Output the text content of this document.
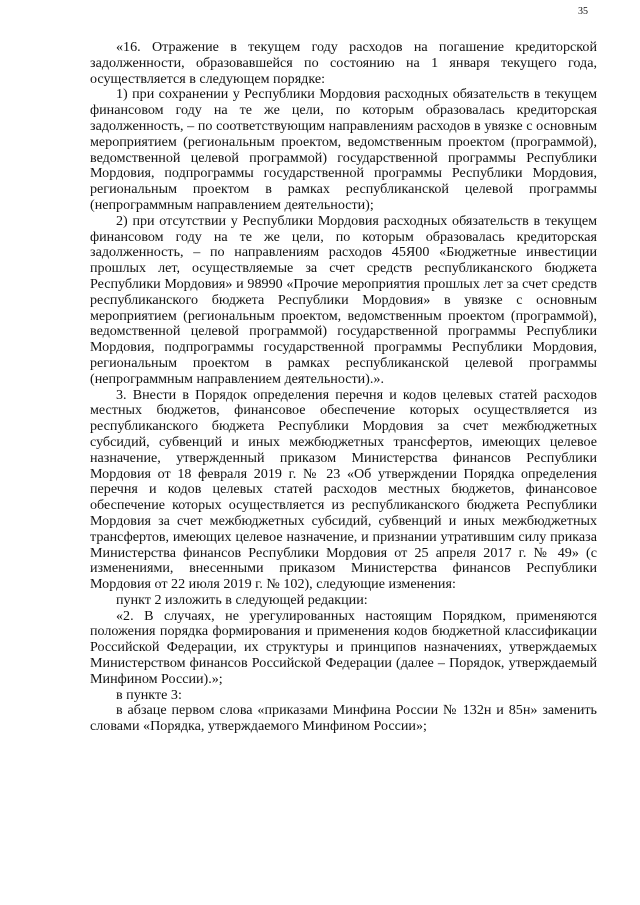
35

«16. Отражение в текущем году расходов на погашение кредиторской задолженности, образовавшейся по состоянию на 1 января текущего года, осуществляется в следующем порядке:

1) при сохранении у Республики Мордовия расходных обязательств в текущем финансовом году на те же цели, по которым образовалась кредиторская задолженность, – по соответствующим направлениям расходов в увязке с основным мероприятием (региональным проектом, ведомственным проектом (программой), ведомственной целевой программой) государственной программы Республики Мордовия, подпрограммы государственной программы Республики Мордовия, региональным проектом в рамках республиканской целевой программы (непрограммным направлением деятельности);

2) при отсутствии у Республики Мордовия расходных обязательств в текущем финансовом году на те же цели, по которым образовалась кредиторская задолженность, – по направлениям расходов 45Я00 «Бюджетные инвестиции прошлых лет, осуществляемые за счет средств республиканского бюджета Республики Мордовия» и 98990 «Прочие мероприятия прошлых лет за счет средств республиканского бюджета Республики Мордовия» в увязке с основным мероприятием (региональным проектом, ведомственным проектом (программой), ведомственной целевой программой) государственной программы Республики Мордовия, подпрограммы государственной программы Республики Мордовия, региональным проектом в рамках республиканской целевой программы (непрограммным направлением деятельности).».

3. Внести в Порядок определения перечня и кодов целевых статей расходов местных бюджетов, финансовое обеспечение которых осуществляется из республиканского бюджета Республики Мордовия за счет межбюджетных субсидий, субвенций и иных межбюджетных трансфертов, имеющих целевое назначение, утвержденный приказом Министерства финансов Республики Мордовия от 18 февраля 2019 г. № 23 «Об утверждении Порядка определения перечня и кодов целевых статей расходов местных бюджетов, финансовое обеспечение которых осуществляется из республиканского бюджета Республики Мордовия за счет межбюджетных субсидий, субвенций и иных межбюджетных трансфертов, имеющих целевое назначение, и признании утратившим силу приказа Министерства финансов Республики Мордовия от 25 апреля 2017 г. № 49» (с изменениями, внесенными приказом Министерства финансов Республики Мордовия от 22 июля 2019 г. № 102), следующие изменения:

пункт 2 изложить в следующей редакции:

«2. В случаях, не урегулированных настоящим Порядком, применяются положения порядка формирования и применения кодов бюджетной классификации Российской Федерации, их структуры и принципов назначениях, утверждаемых Министерством финансов Российской Федерации (далее – Порядок, утверждаемый Минфином России).»;

в пункте 3:

в абзаце первом слова «приказами Минфина России № 132н и 85н» заменить словами «Порядка, утверждаемого Минфином России»;
